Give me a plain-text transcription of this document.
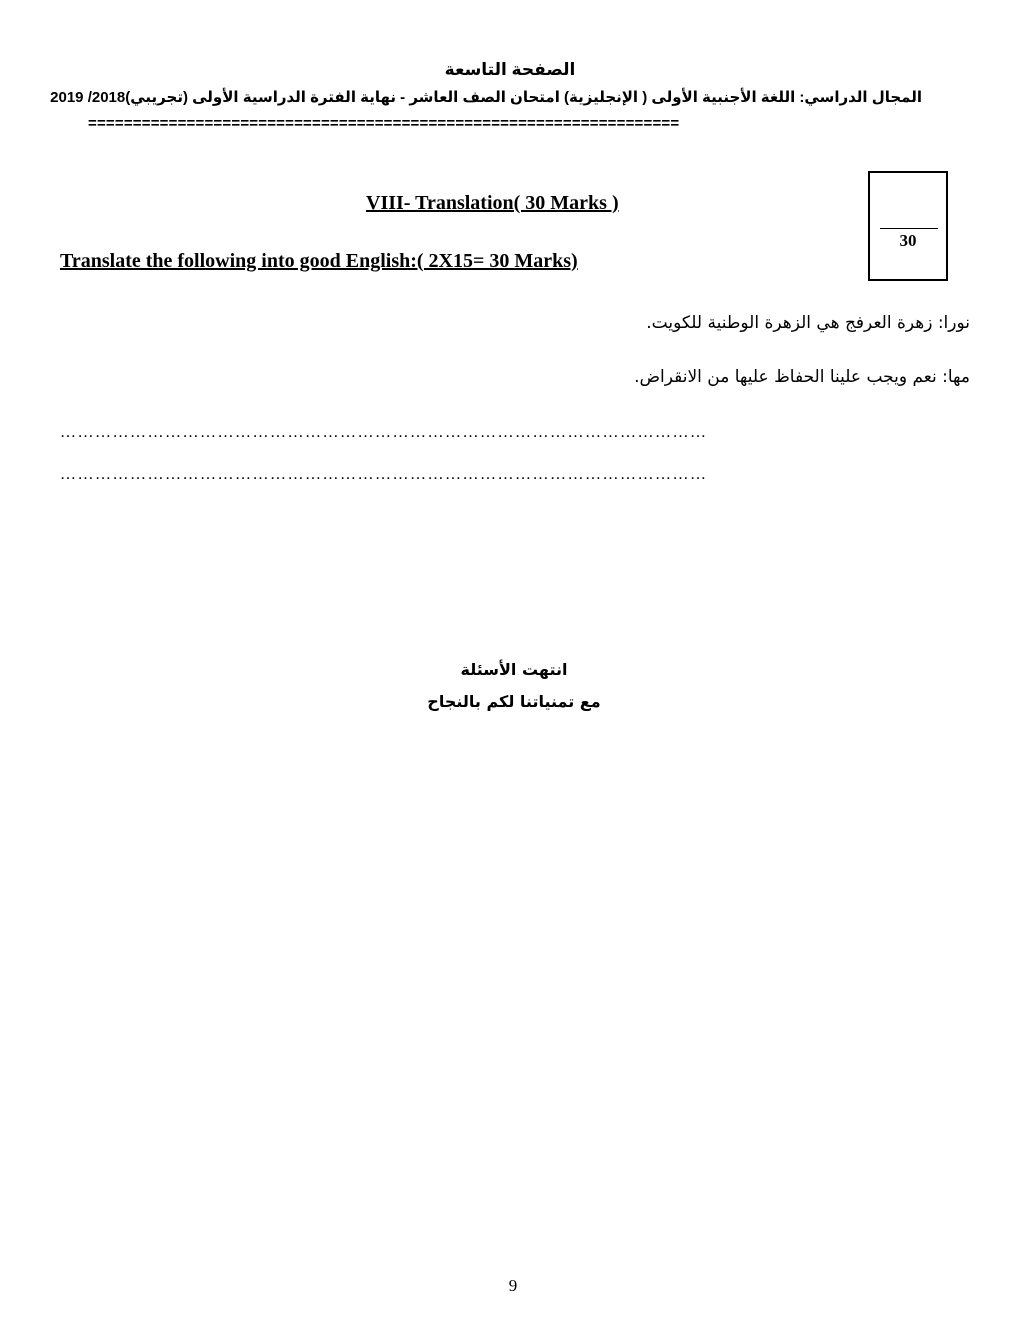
الصفحة التاسعة
المجال الدراسي: اللغة الأجنبية الأولى ( الإنجليزية) امتحان الصف العاشر - نهاية الفترة الدراسية الأولى (تجريبي)2018/ 2019
==================================================================
VIII- Translation( 30 Marks )
Translate the following into good English:( 2X15= 30 Marks)
30
نورا: زهرة العرفج هي الزهرة الوطنية للكويت.
مها: نعم ويجب علينا الحفاظ عليها من الانقراض.
…………………………………………………………………………………………………
…………………………………………………………………………………………………
انتهت الأسئلة
مع تمنياتنا لكم بالنجاح
9
